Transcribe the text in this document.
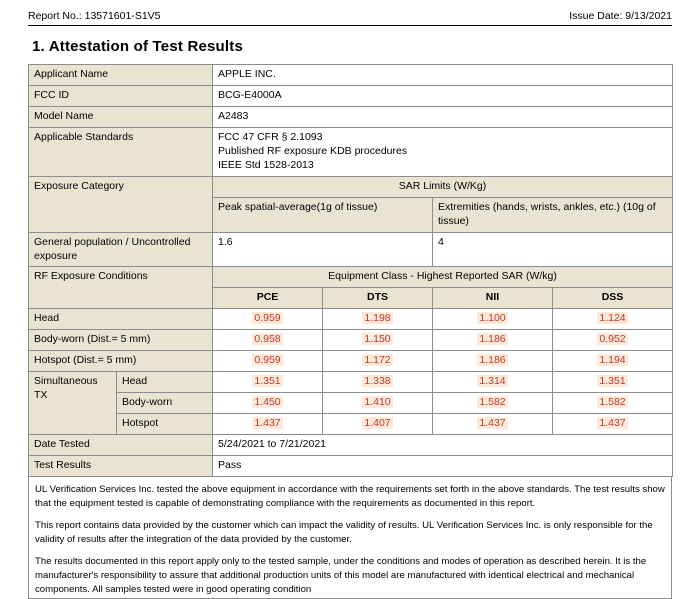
Report No.: 13571601-S1V5	Issue Date: 9/13/2021
1. Attestation of Test Results
Applicant Name		APPLE INC.			
FCC ID		BCG-E4000A			
Model Name		A2483			
Applicable Standards		FCC 47 CFR § 2.1093
Published RF exposure KDB procedures
IEEE Std 1528-2013			

Exposure Category		SAR Limits (W/Kg)			
		Peak spatial-average(1g of tissue)		Extremities (hands, wrists, ankles, etc.) (10g of tissue)	
General population / Uncontrolled exposure		1.6		4	
RF Exposure Conditions		Equipment Class - Highest Reported SAR (W/kg)			
		PCE	DTS	NII	DSS
Head		0.959	1.198	1.100	1.124
Body-worn (Dist.= 5 mm)		0.958	1.150	1.186	0.952
Hotspot (Dist.= 5 mm)		0.959	1.172	1.186	1.194
Simultaneous TX	Head	1.351	1.338	1.314	1.351
	Body-worn	1.450	1.410	1.582	1.582
	Hotspot	1.437	1.407	1.437	1.437
Date Tested		5/24/2021 to 7/21/2021			
Test Results		Pass			

UL Verification Services Inc. tested the above equipment in accordance with the requirements set forth in the above standards. The test results show that the equipment tested is capable of demonstrating compliance with the requirements as documented in this report.

This report contains data provided by the customer which can impact the validity of results. UL Verification Services Inc. is only responsible for the validity of results after the integration of the data provided by the customer.

The results documented in this report apply only to the tested sample, under the conditions and modes of operation as described herein. It is the manufacturer's responsibility to assure that additional production units of this model are manufactured with identical electrical and mechanical components. All samples tested were in good operating condition
